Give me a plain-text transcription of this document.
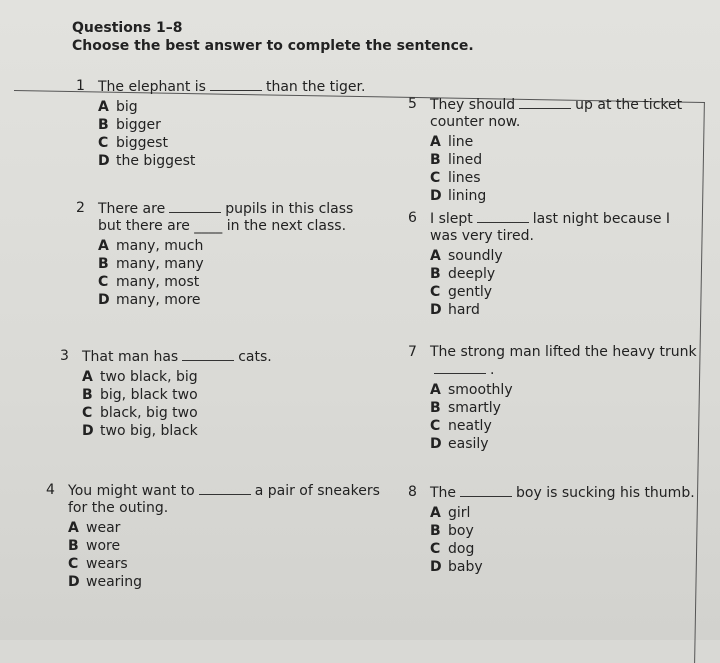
Questions 1–8
Choose the best answer to complete the sentence.
1 The elephant is	than the tiger.
A big
B bigger
C biggest
D the biggest
2 There are	pupils in this class but there are ____ in the next class.
A many, much
B many, many
C many, most
D many, more
3 That man has	cats.
A two black, big
B big, black two
C black, big two
D two big, black
4 You might want to	a pair of sneakers for the outing.
A wear
B wore
C wears
D wearing
5 They should	up at the ticket counter now.
A line
B lined
C lines
D lining
6 I slept	last night because I was very tired.
A soundly
B deeply
C gently
D hard
7 The strong man lifted the heavy trunk.
A smoothly
B smartly
C neatly
D easily
8 The	boy is sucking his thumb.
A girl
B boy
C dog
D baby
